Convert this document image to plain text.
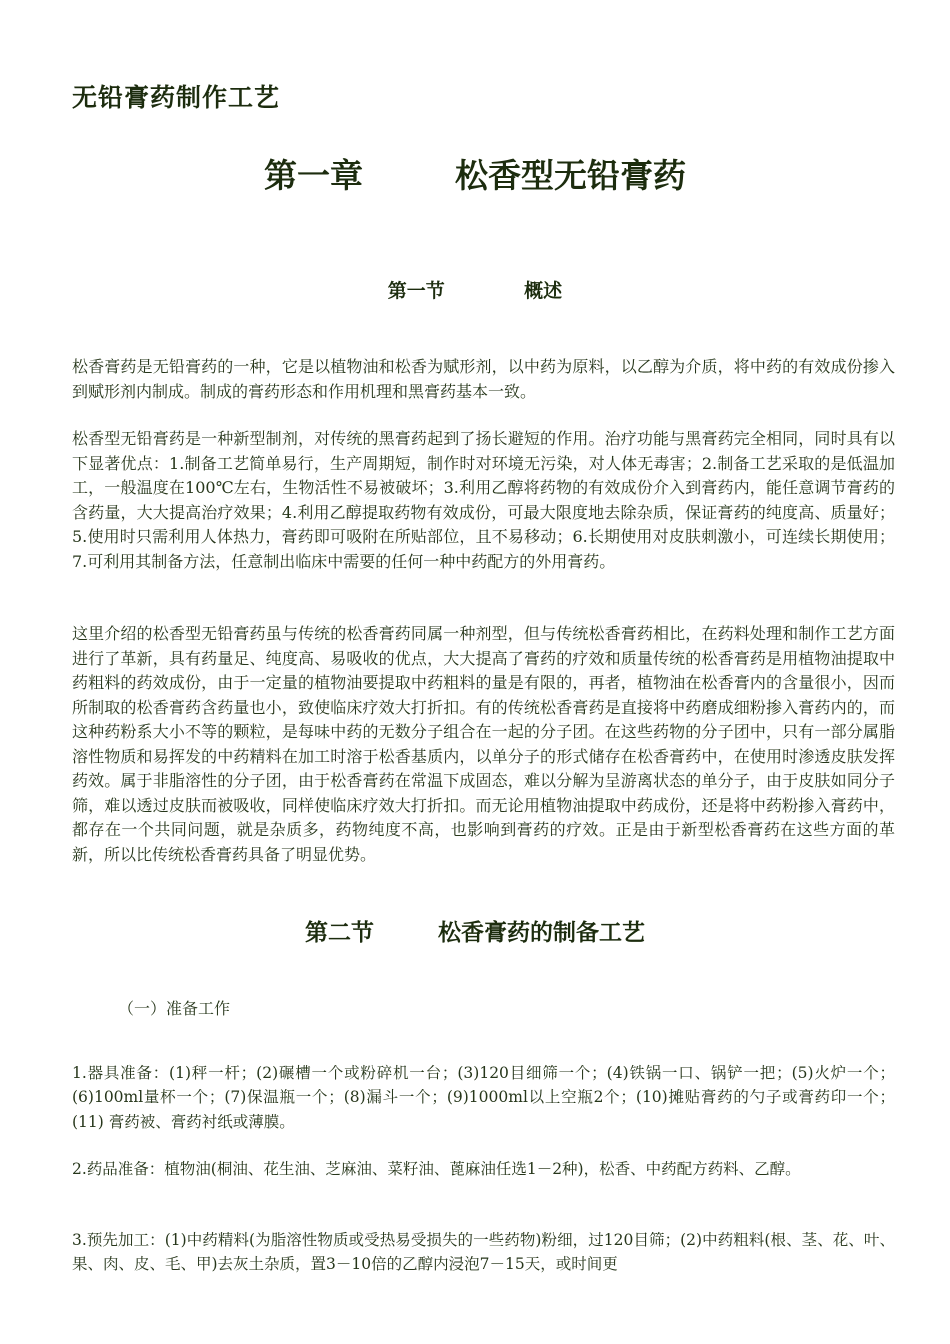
无铅膏药制作工艺
第一章        松香型无铅膏药
第一节            概述

松香膏药是无铅膏药的一种，它是以植物油和松香为赋形剂，以中药为原料，以乙醇为介质，将中药的有效成份掺入到赋形剂内制成。制成的膏药形态和作用机理和黑膏药基本一致。

松香型无铅膏药是一种新型制剂，对传统的黑膏药起到了扬长避短的作用。治疗功能与黑膏药完全相同，同时具有以下显著优点：1.制备工艺简单易行，生产周期短，制作时对环境无污染，对人体无毒害；2.制备工艺采取的是低温加工，一般温度在100℃左右，生物活性不易被破坏；3.利用乙醇将药物的有效成份介入到膏药内，能任意调节膏药的含药量，大大提高治疗效果；4.利用乙醇提取药物有效成份，可最大限度地去除杂质，保证膏药的纯度高、质量好；5.使用时只需利用人体热力，膏药即可吸附在所贴部位，且不易移动；6.长期使用对皮肤刺激小，可连续长期使用；7.可利用其制备方法，任意制出临床中需要的任何一种中药配方的外用膏药。

这里介绍的松香型无铅膏药虽与传统的松香膏药同属一种剂型，但与传统松香膏药相比，在药料处理和制作工艺方面进行了革新，具有药量足、纯度高、易吸收的优点，大大提高了膏药的疗效和质量传统的松香膏药是用植物油提取中药粗料的药效成份，由于一定量的植物油要提取中药粗料的量是有限的，再者，植物油在松香膏内的含量很小，因而所制取的松香膏药含药量也小，致使临床疗效大打折扣。有的传统松香膏药是直接将中药磨成细粉掺入膏药内的，而这种药粉系大小不等的颗粒，是每味中药的无数分子组合在一起的分子团。在这些药物的分子团中，只有一部分属脂溶性物质和易挥发的中药精料在加工时溶于松香基质内，以单分子的形式储存在松香膏药中，在使用时渗透皮肤发挥药效。属于非脂溶性的分子团，由于松香膏药在常温下成固态，难以分解为呈游离状态的单分子，由于皮肤如同分子筛，难以透过皮肤而被吸收，同样使临床疗效大打折扣。而无论用植物油提取中药成份，还是将中药粉掺入膏药中，都存在一个共同问题，就是杂质多，药物纯度不高，也影响到膏药的疗效。正是由于新型松香膏药在这些方面的革新，所以比传统松香膏药具备了明显优势。

第二节        松香膏药的制备工艺
（一）准备工作

1.器具准备：(1)秤一杆；(2)碾槽一个或粉碎机一台；(3)120目细筛一个；(4)铁锅一口、锅铲一把；(5)火炉一个；(6)100ml量杯一个；(7)保温瓶一个；(8)漏斗一个；(9)1000ml以上空瓶2个；(10)摊贴膏药的勺子或膏药印一个； (11) 膏药被、膏药衬纸或薄膜。

2.药品准备：植物油(桐油、花生油、芝麻油、菜籽油、蓖麻油任选1－2种)，松香、中药配方药料、乙醇。

3.预先加工：(1)中药精料(为脂溶性物质或受热易受损失的一些药物)粉细，过120目筛；(2)中药粗料(根、茎、花、叶、果、肉、皮、毛、甲)去灰土杂质，置3－10倍的乙醇内浸泡7－15天，或时间更
